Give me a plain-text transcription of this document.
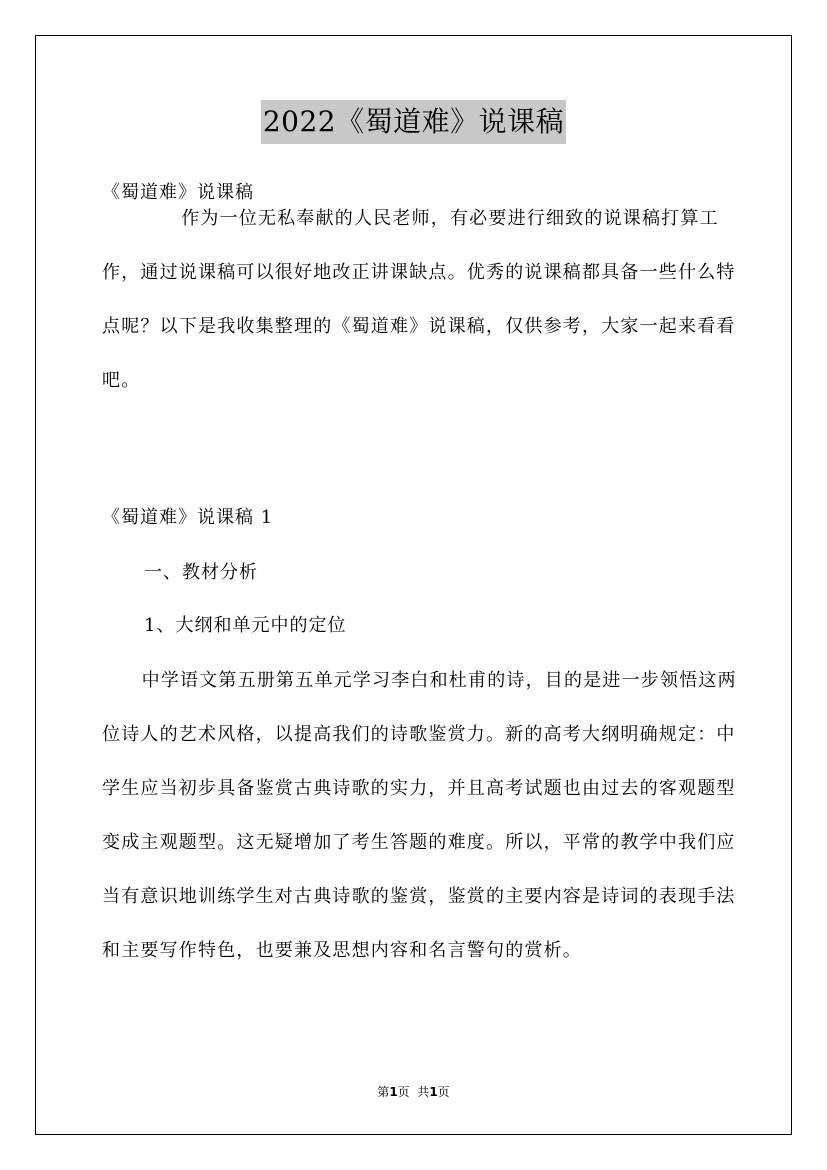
2022《蜀道难》说课稿

《蜀道难》说课稿

作为一位无私奉献的人民老师，有必要进行细致的说课稿打算工作，通过说课稿可以很好地改正讲课缺点。优秀的说课稿都具备一些什么特点呢？以下是我收集整理的《蜀道难》说课稿，仅供参考，大家一起来看看吧。

《蜀道难》说课稿 1

一、教材分析

1、大纲和单元中的定位

中学语文第五册第五单元学习李白和杜甫的诗，目的是进一步领悟这两位诗人的艺术风格，以提高我们的诗歌鉴赏力。新的高考大纲明确规定：中学生应当初步具备鉴赏古典诗歌的实力，并且高考试题也由过去的客观题型变成主观题型。这无疑增加了考生答题的难度。所以，平常的教学中我们应当有意识地训练学生对古典诗歌的鉴赏，鉴赏的主要内容是诗词的表现手法和主要写作特色，也要兼及思想内容和名言警句的赏析。

第1页  共1页
